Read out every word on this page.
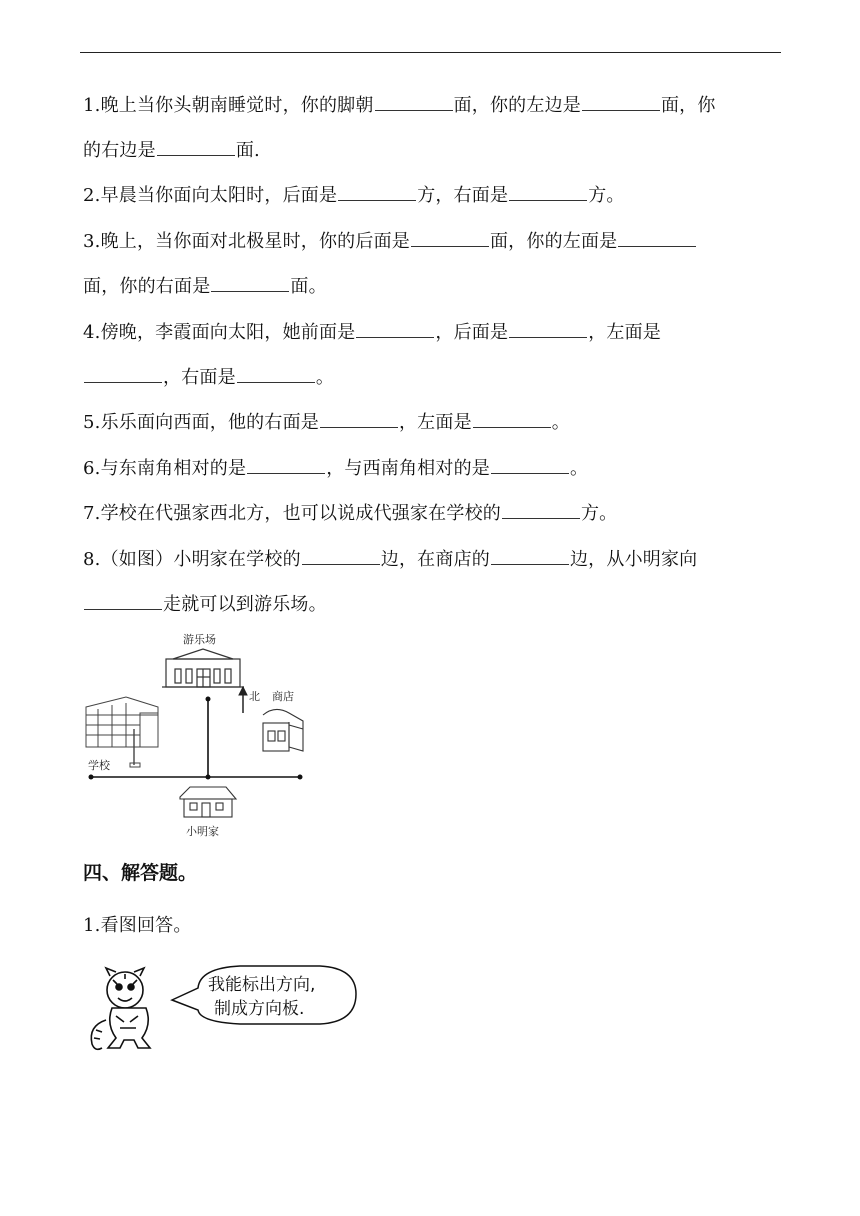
1.晚上当你头朝南睡觉时，你的脚朝	面，你的左边是	面，你
的右边是	面.
2.早晨当你面向太阳时，后面是	方，右面是	方。
3.晚上，当你面对北极星时，你的后面是	面，你的左面是
面，你的右面是	面。
4.傍晚，李霞面向太阳，她前面是	，后面是	，左面是
，右面是	。
5.乐乐面向西面，他的右面是	，左面是	。
6.与东南角相对的是	，与西南角相对的是	。
7.学校在代强家西北方，也可以说成代强家在学校的	方。
8.（如图）小明家在学校的	边，在商店的	边，从小明家向
走就可以到游乐场。
游乐场
北 商店
学校
小明家
四、解答题。
1.看图回答。
我能标出方向,
制成方向板.
